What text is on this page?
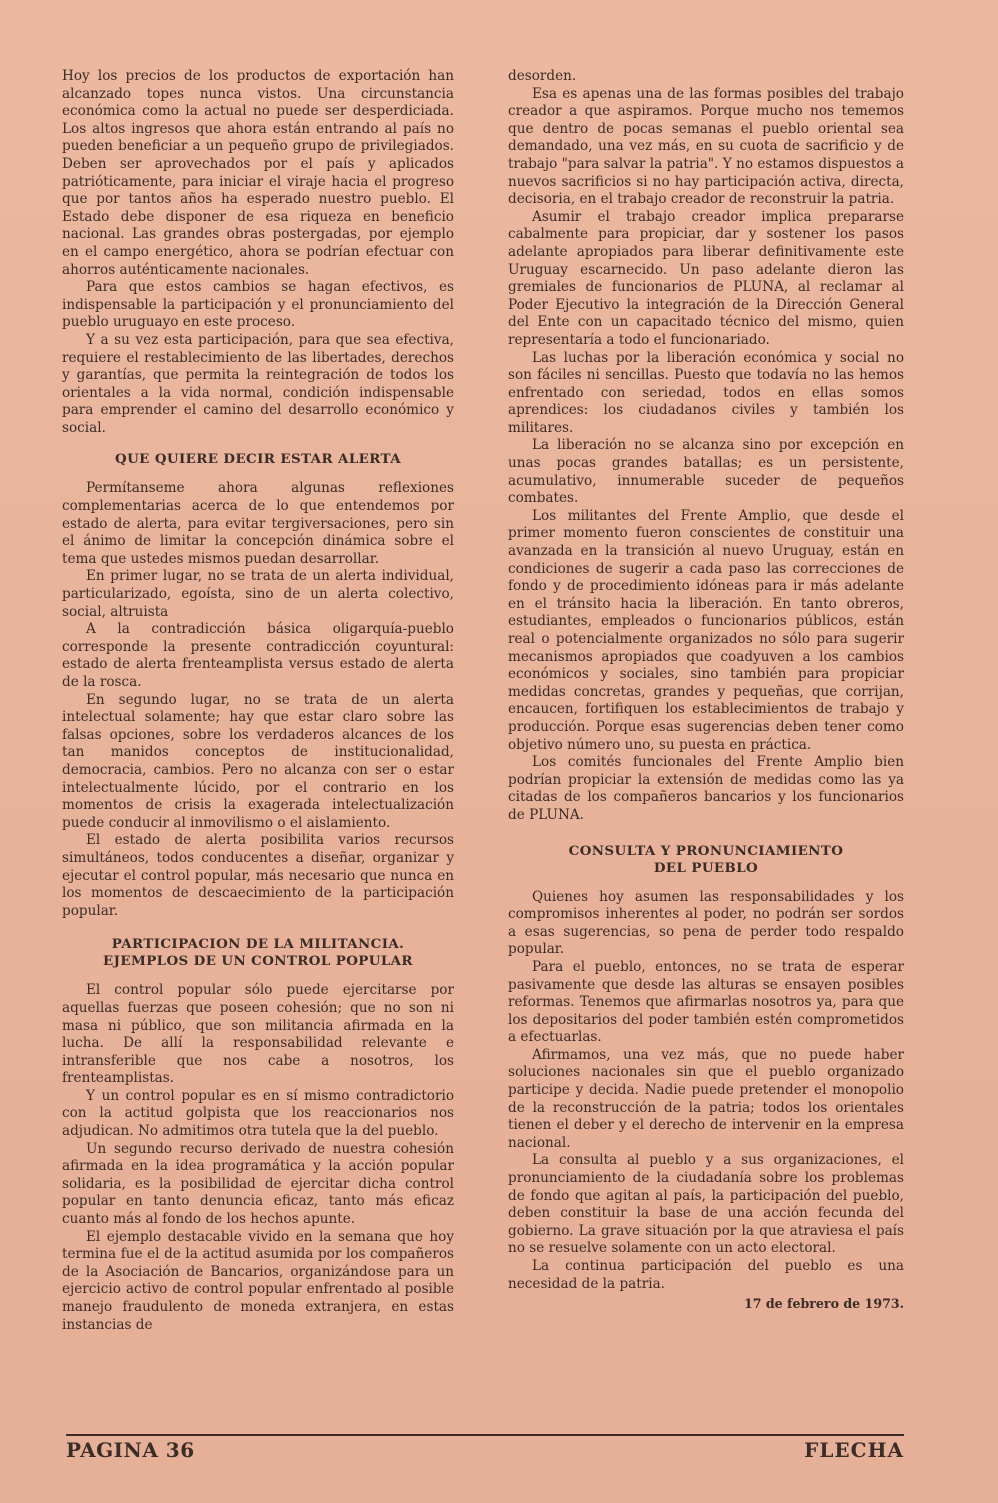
Hoy los precios de los productos de exportación han alcanzado topes nunca vistos. Una circunstancia económica como la actual no puede ser desperdiciada. Los altos ingresos que ahora están entrando al país no pueden beneficiar a un pequeño grupo de privilegiados. Deben ser aprovechados por el país y aplicados patrióticamente, para iniciar el viraje hacia el progreso que por tantos años ha esperado nuestro pueblo. El Estado debe disponer de esa riqueza en beneficio nacional. Las grandes obras postergadas, por ejemplo en el campo energético, ahora se podrían efectuar con ahorros auténticamente nacionales.

Para que estos cambios se hagan efectivos, es indispensable la participación y el pronunciamiento del pueblo uruguayo en este proceso.

Y a su vez esta participación, para que sea efectiva, requiere el restablecimiento de las libertades, derechos y garantías, que permita la reintegración de todos los orientales a la vida normal, condición indispensable para emprender el camino del desarrollo económico y social.

QUE QUIERE DECIR ESTAR ALERTA

Permítanseme ahora algunas reflexiones complementarias acerca de lo que entendemos por estado de alerta, para evitar tergiversaciones, pero sin el ánimo de limitar la concepción dinámica sobre el tema que ustedes mismos puedan desarrollar.

En primer lugar, no se trata de un alerta individual, particularizado, egoísta, sino de un alerta colectivo, social, altruista

A la contradicción básica oligarquía-pueblo corresponde la presente contradicción coyuntural: estado de alerta frenteamplista versus estado de alerta de la rosca.

En segundo lugar, no se trata de un alerta intelectual solamente; hay que estar claro sobre las falsas opciones, sobre los verdaderos alcances de los tan manidos conceptos de institucionalidad, democracia, cambios. Pero no alcanza con ser o estar intelectualmente lúcido, por el contrario en los momentos de crisis la exagerada intelectualización puede conducir al inmovilismo o el aislamiento.

El estado de alerta posibilita varios recursos simultáneos, todos conducentes a diseñar, organizar y ejecutar el control popular, más necesario que nunca en los momentos de descaecimiento de la participación popular.

PARTICIPACION DE LA MILITANCIA.
EJEMPLOS DE UN CONTROL POPULAR

El control popular sólo puede ejercitarse por aquellas fuerzas que poseen cohesión; que no son ni masa ni público, que son militancia afirmada en la lucha. De allí la responsabilidad relevante e intransferible que nos cabe a nosotros, los frenteamplistas.

Y un control popular es en sí mismo contradictorio con la actitud golpista que los reaccionarios nos adjudican. No admitimos otra tutela que la del pueblo.

Un segundo recurso derivado de nuestra cohesión afirmada en la idea programática y la acción popular solidaria, es la posibilidad de ejercitar dicha control popular en tanto denuncia eficaz, tanto más eficaz cuanto más al fondo de los hechos apunte.

El ejemplo destacable vivido en la semana que hoy termina fue el de la actitud asumida por los compañeros de la Asociación de Bancarios, organizándose para un ejercicio activo de control popular enfrentado al posible manejo fraudulento de moneda extranjera, en estas instancias de

desorden.

Esa es apenas una de las formas posibles del trabajo creador a que aspiramos. Porque mucho nos tememos que dentro de pocas semanas el pueblo oriental sea demandado, una vez más, en su cuota de sacrificio y de trabajo "para salvar la patria". Y no estamos dispuestos a nuevos sacrificios si no hay participación activa, directa, decisoria, en el trabajo creador de reconstruir la patria.

Asumir el trabajo creador implica prepararse cabalmente para propiciar, dar y sostener los pasos adelante apropiados para liberar definitivamente este Uruguay escarnecido. Un paso adelante dieron las gremiales de funcionarios de PLUNA, al reclamar al Poder Ejecutivo la integración de la Dirección General del Ente con un capacitado técnico del mismo, quien representaría a todo el funcionariado.

Las luchas por la liberación económica y social no son fáciles ni sencillas. Puesto que todavía no las hemos enfrentado con seriedad, todos en ellas somos aprendices: los ciudadanos civiles y también los militares.

La liberación no se alcanza sino por excepción en unas pocas grandes batallas; es un persistente, acumulativo, innumerable suceder de pequeños combates.

Los militantes del Frente Amplio, que desde el primer momento fueron conscientes de constituir una avanzada en la transición al nuevo Uruguay, están en condiciones de sugerir a cada paso las correcciones de fondo y de procedimiento idóneas para ir más adelante en el tránsito hacia la liberación. En tanto obreros, estudiantes, empleados o funcionarios públicos, están real o potencialmente organizados no sólo para sugerir mecanismos apropiados que coadyuven a los cambios económicos y sociales, sino también para propiciar medidas concretas, grandes y pequeñas, que corrijan, encaucen, fortifiquen los establecimientos de trabajo y producción. Porque esas sugerencias deben tener como objetivo número uno, su puesta en práctica.

Los comités funcionales del Frente Amplio bien podrían propiciar la extensión de medidas como las ya citadas de los compañeros bancarios y los funcionarios de PLUNA.

CONSULTA Y PRONUNCIAMIENTO
DEL PUEBLO

Quienes hoy asumen las responsabilidades y los compromisos inherentes al poder, no podrán ser sordos a esas sugerencias, so pena de perder todo respaldo popular.

Para el pueblo, entonces, no se trata de esperar pasivamente que desde las alturas se ensayen posibles reformas. Tenemos que afirmarlas nosotros ya, para que los depositarios del poder también estén comprometidos a efectuarlas.

Afirmamos, una vez más, que no puede haber soluciones nacionales sin que el pueblo organizado participe y decida. Nadie puede pretender el monopolio de la reconstrucción de la patria; todos los orientales tienen el deber y el derecho de intervenir en la empresa nacional.

La consulta al pueblo y a sus organizaciones, el pronunciamiento de la ciudadanía sobre los problemas de fondo que agitan al país, la participación del pueblo, deben constituir la base de una acción fecunda del gobierno. La grave situación por la que atraviesa el país no se resuelve solamente con un acto electoral.

La continua participación del pueblo es una necesidad de la patria.

17 de febrero de 1973.
PAGINA 36	FLECHA
